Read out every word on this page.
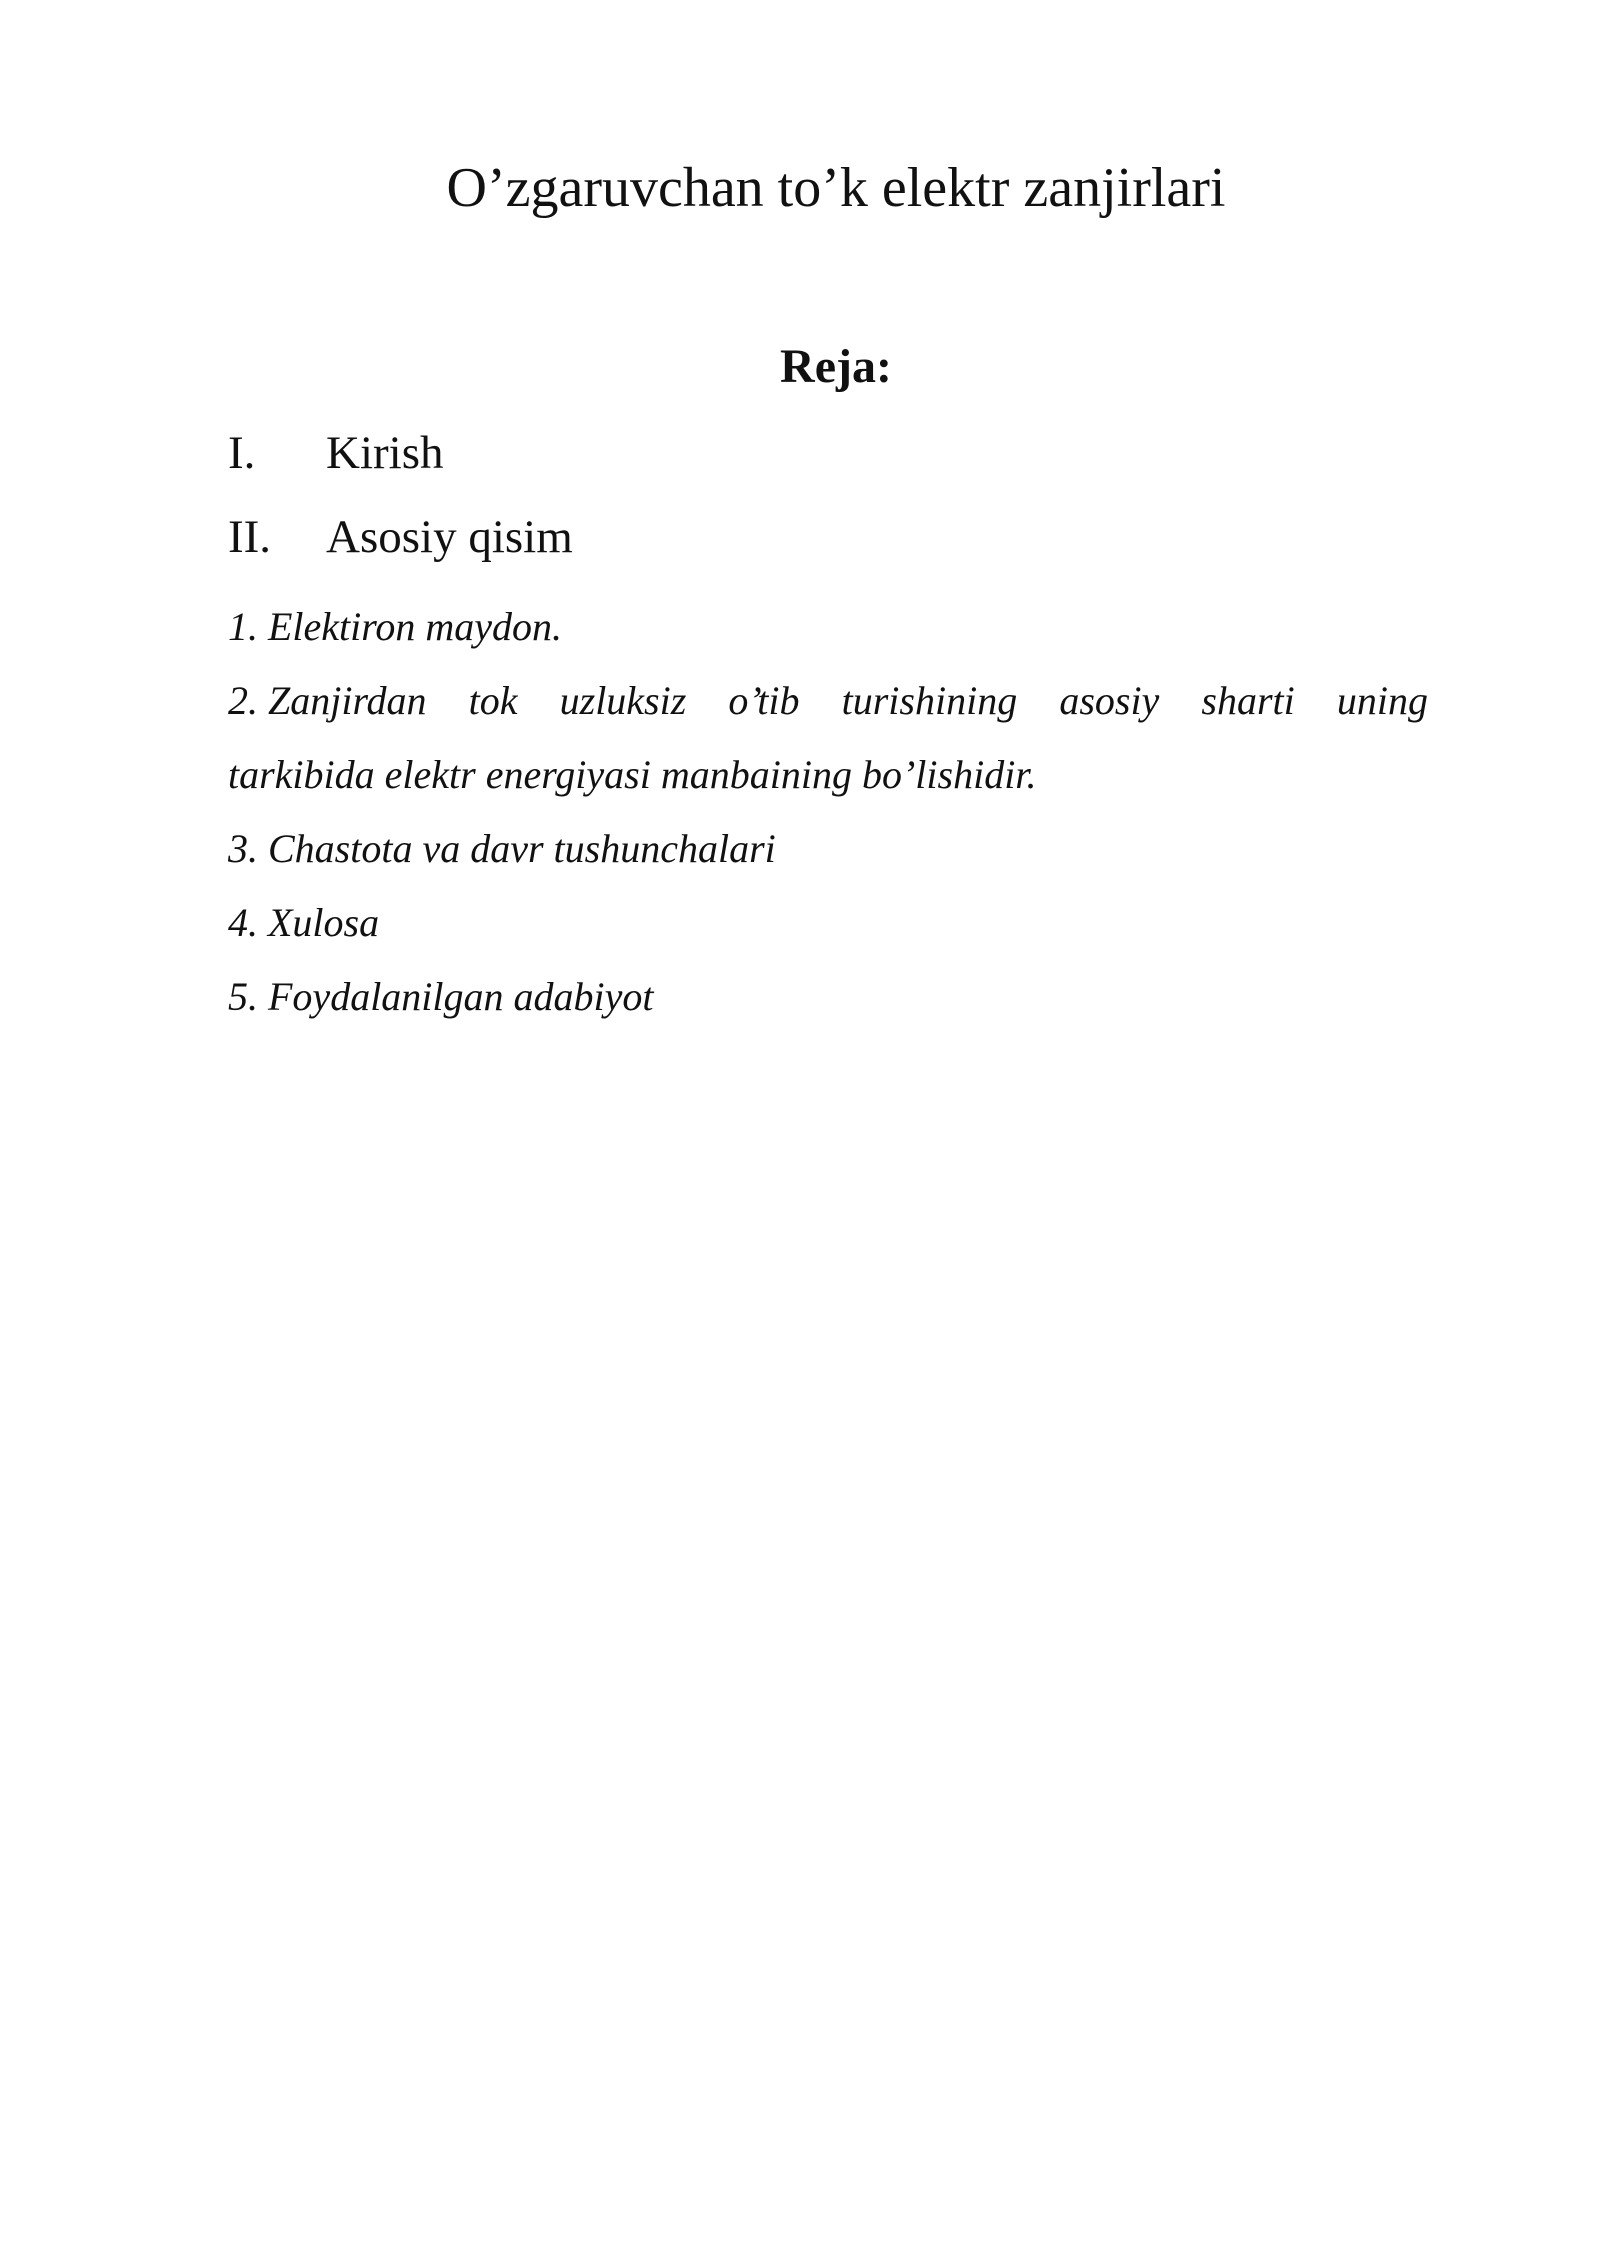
O’zgaruvchan to’k elektr zanjirlari
Reja:
I. Kirish
II. Asosiy qisim
1. Elektiron maydon.
2. Zanjirdan tok uzluksiz o’tib turishining asosiy sharti uning
tarkibida elektr energiyasi manbaining bo’lishidir.
3. Chastota va davr tushunchalari
4. Xulosa
5. Foydalanilgan adabiyot
